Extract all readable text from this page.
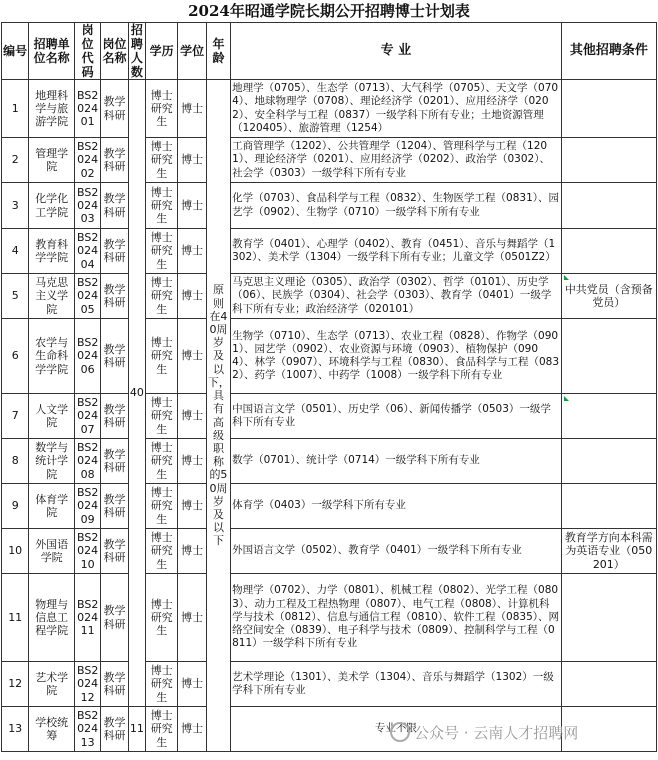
2024年昭通学院长期公开招聘博士计划表
编号	招聘单位名称	岗位代码	岗位名称	招聘人数	学历	学位	年龄	专 业	其他招聘条件
1	地理科学与旅游学院	BS202401	教学科研	40	博士研究生	博士	原则在40周岁及以下，具有高级职称的50周岁及以下	地理学（0705）、生态学（0713）、大气科学（0705）、天文学（0704）、地球物理学（0708）、理论经济学（0201）、应用经济学（0202）、安全科学与工程（0837）一级学科下所有专业；土地资源管理（120405）、旅游管理（1254）	
2	管理学院	BS202402	教学科研		博士研究生	博士		工商管理学（1202）、公共管理学（1204）、管理科学与工程（1201）、理论经济学（0201）、应用经济学（0202）、政治学（0302）、社会学（0303）一级学科下所有专业	
3	化学化工学院	BS202403	教学科研		博士研究生	博士		化学（0703）、食品科学与工程（0832）、生物医学工程（0831）、园艺学（0902）、生物学（0710）一级学科下所有专业	
4	教育科学学院	BS202404	教学科研		博士研究生	博士		教育学（0401）、心理学（0402）、教育（0451）、音乐与舞蹈学（1302）、美术学（1304）一级学科下所有专业；儿童文学（0501Z2）	
5	马克思主义学院	BS202405	教学科研		博士研究生	博士		马克思主义理论（0305）、政治学（0302）、哲学（0101）、历史学（06）、民族学（0304）、社会学（0303）、教育学（0401）一级学科下所有专业；政治经济学（020101）	中共党员（含预备党员）
6	农学与生命科学学院	BS202406	教学科研		博士研究生	博士		生物学（0710）、生态学（0713）、农业工程（0828）、作物学（0901）、园艺学（0902）、农业资源与环境（0903）、植物保护（0904）、林学（0907）、环境科学与工程（0830）、食品科学与工程（0832）、药学（1007）、中药学（1008）一级学科下所有专业	
7	人文学院	BS202407	教学科研		博士研究生	博士		中国语言文学（0501）、历史学（06）、新闻传播学（0503）一级学科下所有专业	
8	数学与统计学院	BS202408	教学科研		博士研究生	博士		数学（0701）、统计学（0714）一级学科下所有专业	
9	体育学院	BS202409	教学科研		博士研究生	博士		体育学（0403）一级学科下所有专业	
10	外国语学院	BS202410	教学科研		博士研究生	博士		外国语言文学（0502）、教育学（0401）一级学科下所有专业	教育学方向本科需为英语专业（050201）
11	物理与信息工程学院	BS202411	教学科研		博士研究生	博士		物理学（0702）、力学（0801）、机械工程（0802）、光学工程（0803）、动力工程及工程热物理（0807）、电气工程（0808）、计算机科学与技术（0812）、信息与通信工程（0810）、软件工程（0835）、网络空间安全（0839）、电子科学与技术（0809）、控制科学与工程（0811）一级学科下所有专业	
12	艺术学院	BS202412	教学科研		博士研究生	博士		艺术学理论（1301）、美术学（1304）、音乐与舞蹈学（1302）一级学科下所有专业	
13	学校统筹	BS202413	教学科研	11	博士研究生	博士		专业不限	
公众号 · 云南人才招聘网
